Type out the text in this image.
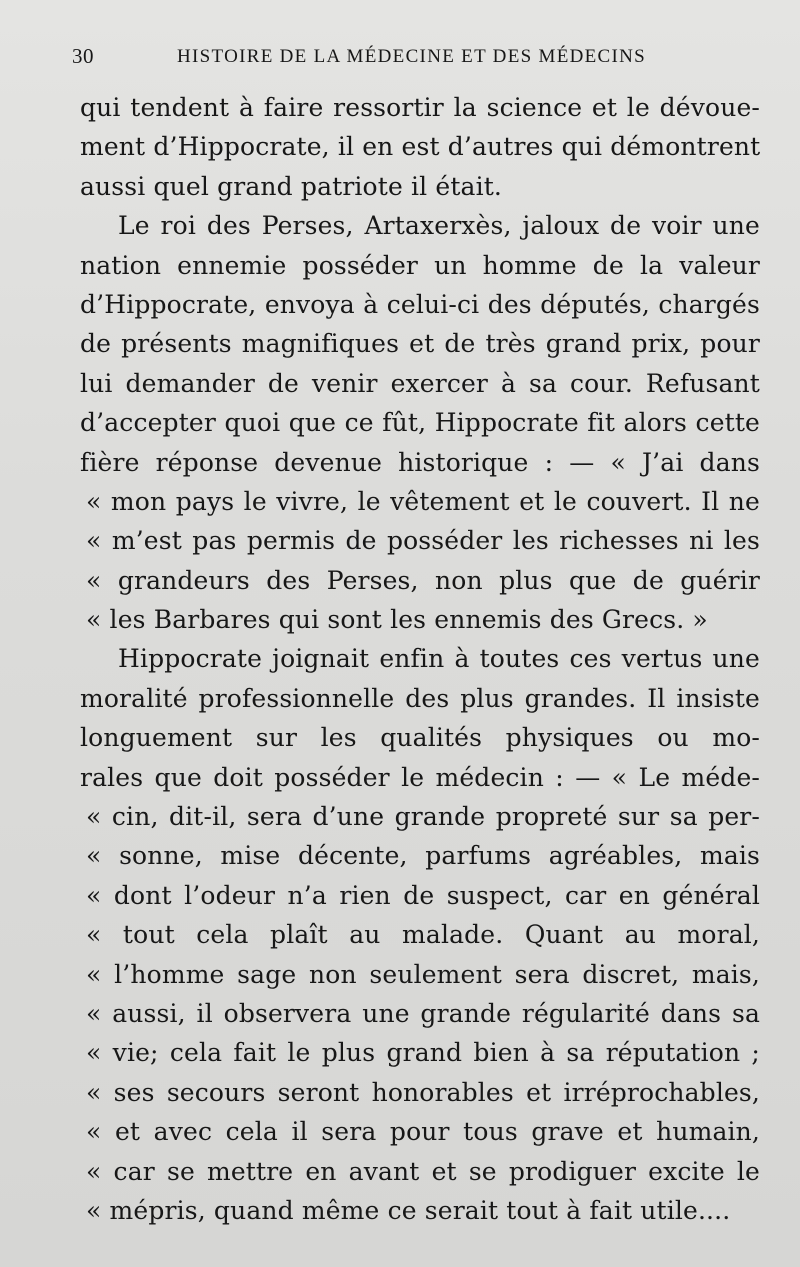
30	HISTOIRE DE LA MÉDECINE ET DES MÉDECINS
qui tendent à faire ressortir la science et le dévoue-
ment d’Hippocrate, il en est d’autres qui démontrent
aussi quel grand patriote il était.
Le roi des Perses, Artaxerxès, jaloux de voir une
nation ennemie posséder un homme de la valeur
d’Hippocrate, envoya à celui-ci des députés, chargés
de présents magnifiques et de très grand prix, pour
lui demander de venir exercer à sa cour. Refusant
d’accepter quoi que ce fût, Hippocrate fit alors cette
fière réponse devenue historique : — « J’ai dans
« mon pays le vivre, le vêtement et le couvert. Il ne
« m’est pas permis de posséder les richesses ni les
« grandeurs des Perses, non plus que de guérir
« les Barbares qui sont les ennemis des Grecs. »
Hippocrate joignait enfin à toutes ces vertus une
moralité professionnelle des plus grandes. Il insiste
longuement sur les qualités physiques ou mo-
rales que doit posséder le médecin : — « Le méde-
« cin, dit-il, sera d’une grande propreté sur sa per-
« sonne, mise décente, parfums agréables, mais
« dont l’odeur n’a rien de suspect, car en général
« tout cela plaît au malade. Quant au moral,
« l’homme sage non seulement sera discret, mais,
« aussi, il observera une grande régularité dans sa
« vie; cela fait le plus grand bien à sa réputation ;
« ses secours seront honorables et irréprochables,
« et avec cela il sera pour tous grave et humain,
« car se mettre en avant et se prodiguer excite le
« mépris, quand même ce serait tout à fait utile....
